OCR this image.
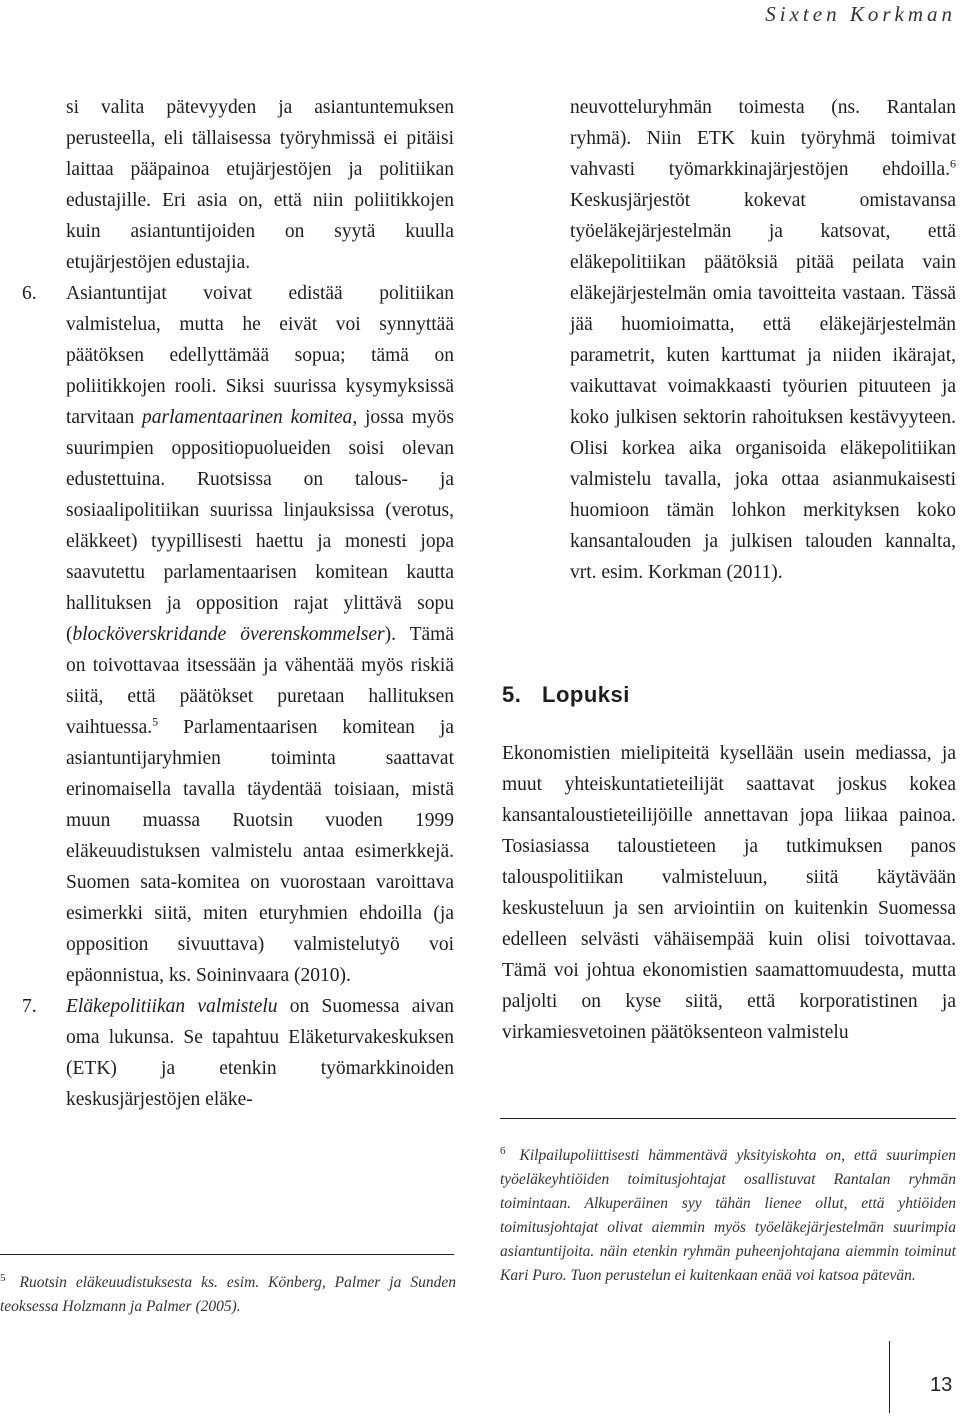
Sixten Korkman

si valita pätevyyden ja asiantuntemuksen perusteella, eli tällaisessa työryhmissä ei pitäisi laittaa pääpainoa etujärjestöjen ja politiikan edustajille. Eri asia on, että niin poliitikkojen kuin asiantuntijoiden on syytä kuulla etujärjestöjen edustajia.

6. Asiantuntijat voivat edistää politiikan valmistelua, mutta he eivät voi synnyttää päätöksen edellyttämää sopua; tämä on poliitikkojen rooli. Siksi suurissa kysymyksissä tarvitaan parlamentaarinen komitea, jossa myös suurimpien oppositiopuolueiden soisi olevan edustettuina. Ruotsissa on talous- ja sosiaalipolitiikan suurissa linjauksissa (verotus, eläkkeet) tyypillisesti haettu ja monesti jopa saavutettu parlamentaarisen komitean kautta hallituksen ja opposition rajat ylittävä sopu (blocköverskridande överenskommelser). Tämä on toivottavaa itsessään ja vähentää myös riskiä siitä, että päätökset puretaan hallituksen vaihtuessa.$^5$ Parlamentaarisen komitean ja asiantuntijaryhmien toiminta saattavat erinomaisella tavalla täydentää toisiaan, mistä muun muassa Ruotsin vuoden 1999 eläkeuudistuksen valmistelu antaa esimerkkejä. Suomen sata-komitea on vuorostaan varoittava esimerkki siitä, miten eturyhmien ehdoilla (ja opposition sivuuttava) valmistelutyö voi epäonnistua, ks. Soininvaara (2010).

7. Eläkepolitiikan valmistelu on Suomessa aivan oma lukunsa. Se tapahtuu Eläketurvakeskuksen (ETK) ja etenkin työmarkkinoiden keskusjärjestöjen eläke-

neuvotteluryhmän toimesta (ns. Rantalan ryhmä). Niin ETK kuin työryhmä toimivat vahvasti työmarkkinajärjestöjen ehdoilla.$^6$ Keskusjärjestöt kokevat omistavansa työeläkejärjestelmän ja katsovat, että eläkepolitiikan päätöksiä pitää peilata vain eläkejärjestelmän omia tavoitteita vastaan. Tässä jää huomioimatta, että eläkejärjestelmän parametrit, kuten karttumat ja niiden ikärajat, vaikuttavat voimakkaasti työurien pituuteen ja koko julkisen sektorin rahoituksen kestävyyteen. Olisi korkea aika organisoida eläkepolitiikan valmistelu tavalla, joka ottaa asianmukaisesti huomioon tämän lohkon merkityksen koko kansantalouden ja julkisen talouden kannalta, vrt. esim. Korkman (2011).

5. Lopuksi

Ekonomistien mielipiteitä kysellään usein mediassa, ja muut yhteiskuntatieteilijät saattavat joskus kokea kansantaloustieteilijöille annettavan jopa liikaa painoa. Tosiasiassa taloustieteen ja tutkimuksen panos talouspolitiikan valmisteluun, siitä käytävään keskusteluun ja sen arviointiin on kuitenkin Suomessa edelleen selvästi vähäisempää kuin olisi toivottavaa. Tämä voi johtua ekonomistien saamattomuudesta, mutta paljolti on kyse siitä, että korporatistinen ja virkamiesvetoinen päätöksenteon valmistelu

$^6$ Kilpailupoliittisesti hämmentävä yksityiskohta on, että suurimpien työeläkeyhtiöiden toimitusjohtajat osallistuvat Rantalan ryhmän toimintaan. Alkuperäinen syy tähän lienee ollut, että yhtiöiden toimitusjohtajat olivat aiemmin myös työeläkejärjestelmän suurimpia asiantuntijoita. näin etenkin ryhmän puheenjohtajana aiemmin toiminut Kari Puro. Tuon perustelun ei kuitenkaan enää voi katsoa pätevän.

$^5$ Ruotsin eläkeuudistuksesta ks. esim. Könberg, Palmer ja Sunden teoksessa Holzmann ja Palmer (2005).

13
